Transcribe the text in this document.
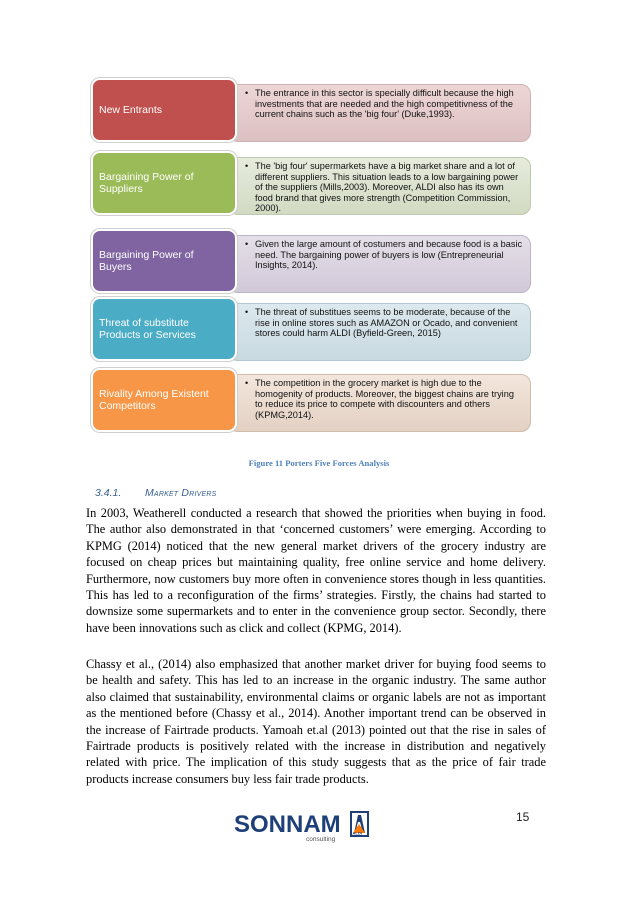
• The entrance in this sector is specially difficult because the high investments that are needed and the high competitivness of the current chains such as the 'big four' (Duke,1993).
New Entrants
• The 'big four' supermarkets have a big market share and a lot of different suppliers. This situation leads to a low bargaining power of the suppliers (Mills,2003). Moreover, ALDI also has its own food brand that gives more strength (Competition Commission, 2000).
Bargaining Power of Suppliers
• Given the large amount of costumers and because food is a basic need. The bargaining power of buyers is low (Entrepreneurial Insights, 2014).
Bargaining Power of Buyers
• The threat of substitues seems to be moderate, because of the rise in online stores such as AMAZON or Ocado, and convenient stores could harm ALDI (Byfield-Green, 2015)
Threat of substitute Products or Services
• The competition in the grocery market is high due to the homogenity of products. Moreover, the biggest chains are trying to reduce its price to compete with discounters and others (KPMG,2014).
Rivality Among Existent Competitors
Figure 11 Porters Five Forces Analysis
3.4.1. Market Drivers

In 2003, Weatherell conducted a research that showed the priorities when buying in food. The author also demonstrated in that ‘concerned customers’ were emerging. According to KPMG (2014) noticed that the new general market drivers of the grocery industry are focused on cheap prices but maintaining quality, free online service and home delivery. Furthermore, now customers buy more often in convenience stores though in less quantities. This has led to a reconfiguration of the firms’ strategies. Firstly, the chains had started to downsize some supermarkets and to enter in the convenience group sector. Secondly, there have been innovations such as click and collect (KPMG, 2014).

Chassy et al., (2014) also emphasized that another market driver for buying food seems to be health and safety. This has led to an increase in the organic industry. The same author also claimed that sustainability, environmental claims or organic labels are not as important as the mentioned before (Chassy et al., 2014). Another important trend can be observed in the increase of Fairtrade products. Yamoah et.al (2013) pointed out that the rise in sales of Fairtrade products is positively related with the increase in distribution and negatively related with price. The implication of this study suggests that as the price of fair trade products increase consumers buy less fair trade products.

SONNAM
consulting
ALDI
15
